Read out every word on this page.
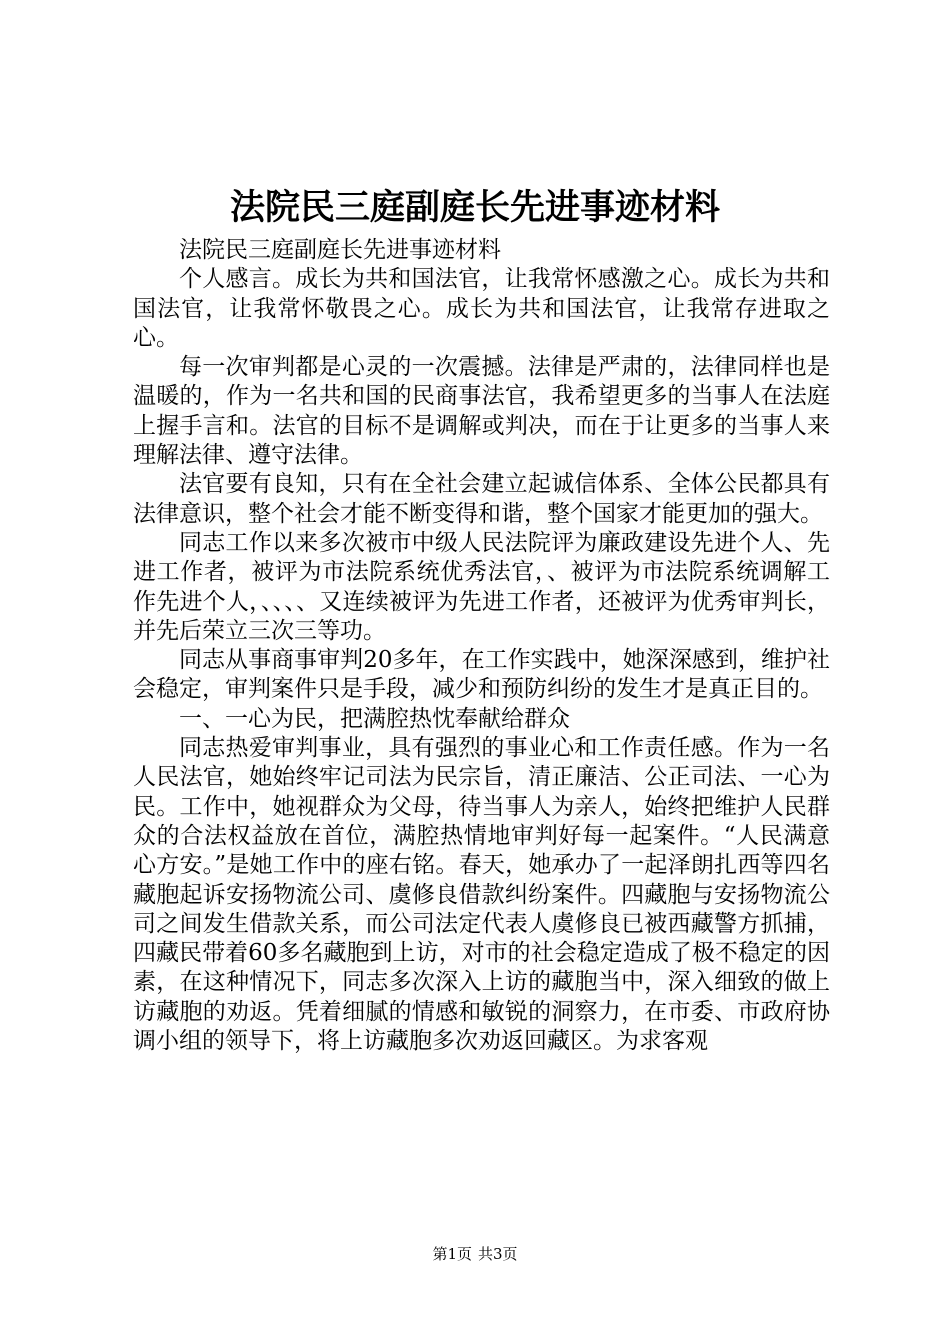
法院民三庭副庭长先进事迹材料

法院民三庭副庭长先进事迹材料

个人感言。成长为共和国法官，让我常怀感激之心。成长为共和国法官，让我常怀敬畏之心。成长为共和国法官，让我常存进取之心。

每一次审判都是心灵的一次震撼。法律是严肃的，法律同样也是温暖的，作为一名共和国的民商事法官，我希望更多的当事人在法庭上握手言和。法官的目标不是调解或判决，而在于让更多的当事人来理解法律、遵守法律。

法官要有良知，只有在全社会建立起诚信体系、全体公民都具有法律意识，整个社会才能不断变得和谐，整个国家才能更加的强大。

同志工作以来多次被市中级人民法院评为廉政建设先进个人、先进工作者，被评为市法院系统优秀法官，、被评为市法院系统调解工作先进个人，、、、、又连续被评为先进工作者，还被评为优秀审判长，并先后荣立三次三等功。

同志从事商事审判20多年，在工作实践中，她深深感到，维护社会稳定，审判案件只是手段，减少和预防纠纷的发生才是真正目的。

一、一心为民，把满腔热忱奉献给群众

同志热爱审判事业，具有强烈的事业心和工作责任感。作为一名人民法官，她始终牢记司法为民宗旨，清正廉洁、公正司法、一心为民。工作中，她视群众为父母，待当事人为亲人，始终把维护人民群众的合法权益放在首位，满腔热情地审判好每一起案件。“人民满意心方安。”是她工作中的座右铭。春天，她承办了一起泽朗扎西等四名藏胞起诉安扬物流公司、虞修良借款纠纷案件。四藏胞与安扬物流公司之间发生借款关系，而公司法定代表人虞修良已被西藏警方抓捕，四藏民带着60多名藏胞到上访，对市的社会稳定造成了极不稳定的因素，在这种情况下，同志多次深入上访的藏胞当中，深入细致的做上访藏胞的劝返。凭着细腻的情感和敏锐的洞察力，在市委、市政府协调小组的领导下，将上访藏胞多次劝返回藏区。为求客观

第1页 共3页
